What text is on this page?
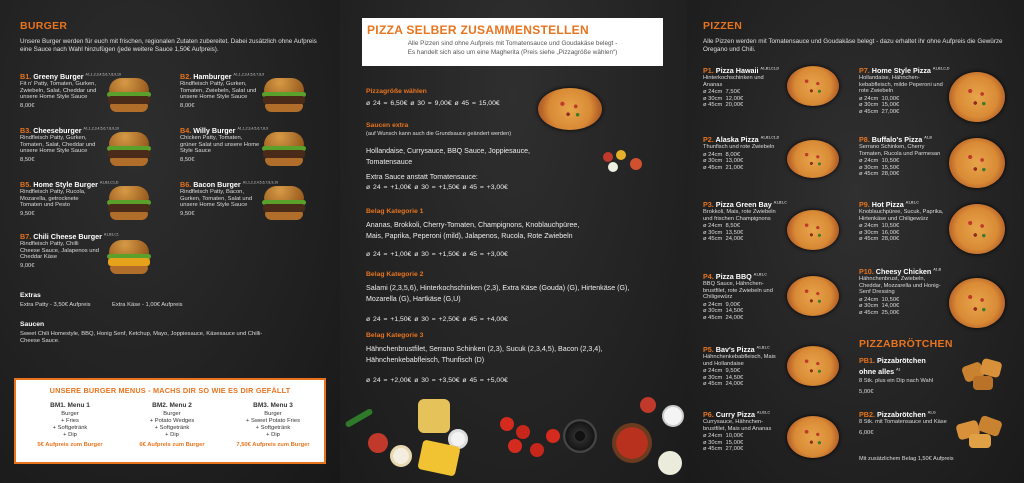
BURGER
Unsere Burger werden für euch mit frischen, regionalen Zutaten zubereitet. Dabei zusätzlich ohne Aufpreis eine Sauce nach Wahl hinzufügen (jede weitere Sauce 1,50€ Aufpreis).
B1. Greeny Burger $^{A1,1,2,3,4,5,6,7,8,9,10}$
Fit n' Patty, Tomaten, Gurken, Zwiebeln, Salat, Cheddar und unsere Home Style Sauce
8,00€
B2. Hamburger $^{A1,1,2,3,4,5,6,7,8,9}$
Rindfleisch Patty, Gurken, Tomaten, Zwiebeln, Salat und unsere Home Style Sauce
8,00€
B3. Cheeseburger $^{A1,1,2,3,4,5,6,7,8,9,10}$
Rindfleisch Patty, Gurken, Tomaten, Salat, Cheddar und unsere Home Style Sauce
8,50€
B4. Willy Burger $^{A1,1,2,3,4,5,6,7,8,9}$
Chicken Patty, Tomaten, grüner Salat und unsere Home Style Sauce
8,50€
B5. Home Style Burger $^{A1,B1,C1,D}$
Rindfleisch Patty, Rucola, Mozarella, getrocknete Tomaten und Pesto
9,50€
B6. Bacon Burger $^{A1,1,2,3,4,5,6,7,8,9,10}$
Rindfleisch Patty, Bacon, Gurken, Tomaten, Salat und unsere Home Style Sauce
9,50€
B7. Chili Cheese Burger $^{A1,B1,C1}$
Rindfleisch Patty, Chilli Cheese Sauce, Jalapenos und Cheddar Käse
9,00€
Extras
Extra Patty - 3,50€ Aufpreis	Extra Käse - 1,00€ Aufpreis
Saucen
Sweet Chili Homestyle, BBQ, Honig Senf, Ketchup, Mayo, Joppiesauce, Käsesauce und Chilli-Cheese Sauce.
UNSERE BURGER MENUS - MACHS DIR SO WIE ES DIR GEFÄLLT
BM1. Menu 1
Burger
+ Fries
+ Softgetränk
+ Dip
5€ Aufpreis zum Burger
BM2. Menu 2
Burger
+ Potato Wedges
+ Softgetränk
+ Dip
6€ Aufpreis zum Burger
BM3. Menu 3
Burger
+ Sweet Potato Fries
+ Softgetränk
+ Dip
7,50€ Aufpreis zum Burger
PIZZA SELBER ZUSAMMENSTELLEN
Alle Pizzen sind ohne Aufpreis mit Tomatensauce und Goudakäse belegt -
Es handelt sich also um eine Magherita (Preis siehe „Pizzagröße wählen“)
Pizzagröße wählen
ø 24 = 6,50€ ø 30 = 9,00€ ø 45 = 15,00€
Saucen extra
(auf Wunsch kann auch die Grundsauce geändert werden)
Hollandaise, Currysauce, BBQ Sauce, Joppiesauce,
Tomatensauce
Extra Sauce anstatt Tomatensauce:
ø 24 = +1,00€ ø 30 = +1,50€ ø 45 = +3,00€
Belag Kategorie 1
Ananas, Brokkoli, Cherry-Tomaten, Champignons, Knoblauchpüree,
Mais, Paprika, Peperoni (mild), Jalapenos, Rucola, Rote Zwiebeln
ø 24 = +1,00€ ø 30 = +1,50€ ø 45 = +3,00€
Belag Kategorie 2
Salami (2,3,5,6), Hinterkochschinken (2,3), Extra Käse (Gouda) (G), Hirtenkäse (G),
Mozarella (G), Hartkäse (G,U)
ø 24 = +1,50€ ø 30 = +2,50€ ø 45 = +4,00€
Belag Kategorie 3
Hähnchenbrustfilet, Serrano Schinken (2,3), Sucuk (2,3,4,5), Bacon (2,3,4),
Hähnchenkebabfleisch, Thunfisch (D)
ø 24 = +2,00€ ø 30 = +3,50€ ø 45 = +5,00€
PIZZEN
Alle Pizzen werden mit Tomatensauce und Goudakäse belegt - dazu erhaltet ihr ohne Aufpreis die Gewürze Oregano und Chili.
P1. Pizza Hawaii $^{A1,B1,C1,D}$
Hinterkochschinken und Ananas
ø 24cm  7,50€
ø 30cm  12,00€
ø 45cm  20,00€
P2. Alaska Pizza $^{A1,B1,C1,D}$
Thunfisch und rote Zwiebeln
ø 24cm  8,00€
ø 30cm  13,00€
ø 45cm  21,00€
P3. Pizza Green Bay $^{A1,B1,C}$
Brokkoli, Mais, rote Zwiebeln und frischen Champignons
ø 24cm  8,50€
ø 30cm  13,50€
ø 45cm  24,00€
P4. Pizza BBQ $^{A1,B1,C}$
BBQ Sauce, Hähnchen-brustfilet, rote Zwiebeln und Chiligewürz
ø 24cm  9,00€
ø 30cm  14,50€
ø 45cm  24,00€
P5. Bav's Pizza $^{A1,B1,C}$
Hähnchenkebabfleisch, Mais und Hollandaise
ø 24cm  9,50€
ø 30cm  14,50€
ø 45cm  24,00€
P6. Curry Pizza $^{A1,B1,C}$
Currysauce, Hähnchen-brustfilet, Mais und Ananas
ø 24cm  10,00€
ø 30cm  15,00€
ø 45cm  27,00€
P7. Home Style Pizza $^{A1,B1,C,D}$
Hollandaise, Hähnchen-kebabfleisch, milde Peperoni und rote Zwiebeln
ø 24cm  10,00€
ø 30cm  15,00€
ø 45cm  27,00€
P8. Buffalo's Pizza $^{A1,B}$
Serrano Schinken, Cherry Tomaten, Rucola und Parmesan
ø 24cm  10,50€
ø 30cm  15,50€
ø 45cm  28,00€
P9. Hot Pizza $^{A1,B1,C}$
Knoblauchpüree, Sucuk, Paprika, Hirtenkäse und Chiligewürz
ø 24cm  10,50€
ø 30cm  16,00€
ø 45cm  28,00€
P10. Cheesy Chicken $^{A1,B}$
Hähnchenbrust, Zwiebeln, Cheddar, Mozzarella und Honig-Senf Dressing
ø 24cm  10,50€
ø 30cm  14,00€
ø 45cm  25,00€
PIZZABRÖTCHEN
PB1. Pizzabrötchen
ohne alles $^{A1}$
8 Stk. plus ein Dip nach Wahl
5,00€
PB2. Pizzabrötchen $^{A1,G}$
8 Stk. mit Tomatensauce und Käse
6,00€
Mit zusätzlichem Belag 1,50€ Aufpreis
